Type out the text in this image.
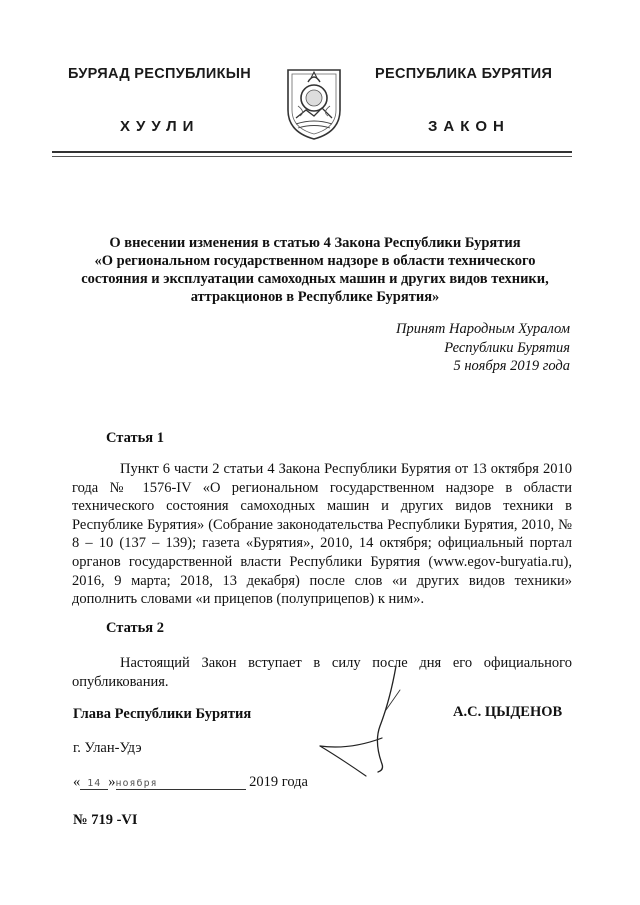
БУРЯАД РЕСПУБЛИКЫН
ХУУЛИ
РЕСПУБЛИКА БУРЯТИЯ
ЗАКОН
О внесении изменения в статью 4 Закона Республики Бурятия
«О региональном государственном надзоре в области технического
состояния и эксплуатации самоходных машин и других видов техники,
аттракционов в Республике Бурятия»
Принят Народным Хуралом
Республики Бурятия
5 ноября 2019 года
Статья 1
Пункт 6 части 2 статьи 4 Закона Республики Бурятия от 13 октября 2010 года № 1576-IV «О региональном государственном надзоре в области технического состояния самоходных машин и других видов техники в Республике Бурятия» (Собрание законодательства Республики Бурятия, 2010, № 8 – 10 (137 – 139); газета «Бурятия», 2010, 14 октября; официальный портал органов государственной власти Республики Бурятия (www.egov-buryatia.ru), 2016, 9 марта; 2018, 13 декабря) после слов «и других видов техники» дополнить словами «и прицепов (полуприцепов) к ним».
Статья 2
Настоящий Закон вступает в силу после дня его официального опубликования.
Глава Республики Бурятия	А.С. ЦЫДЕНОВ
г. Улан-Удэ
« 14 »ноября	2019 года
№ 719 -VI
